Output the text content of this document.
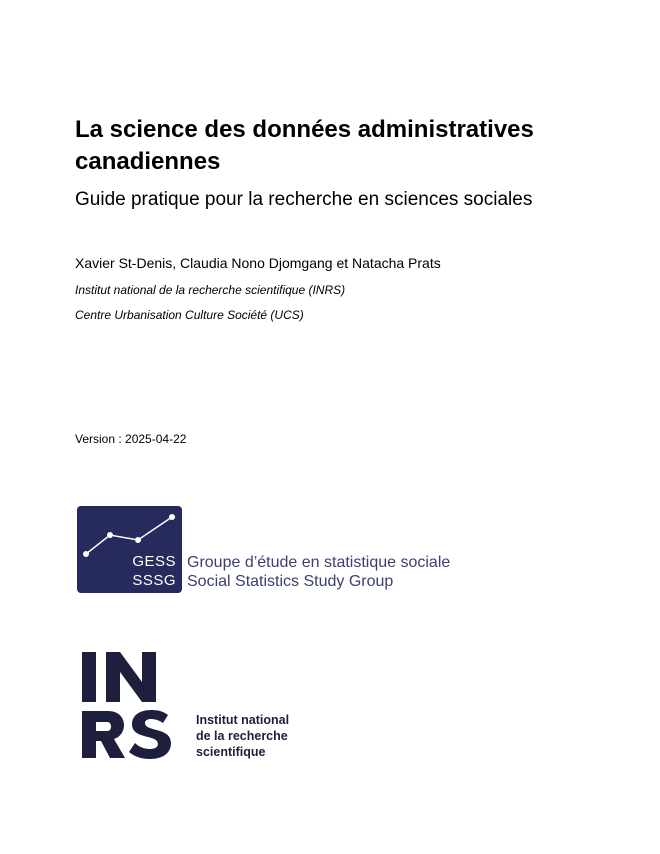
La science des données administratives canadiennes

Guide pratique pour la recherche en sciences sociales

Xavier St-Denis, Claudia Nono Djomgang et Natacha Prats
Institut national de la recherche scientifique (INRS)
Centre Urbanisation Culture Société (UCS)
Version : 2025-04-22
GESS
SSSG
Groupe d’étude en statistique sociale
Social Statistics Study Group
Institut national
de la recherche
scientifique
